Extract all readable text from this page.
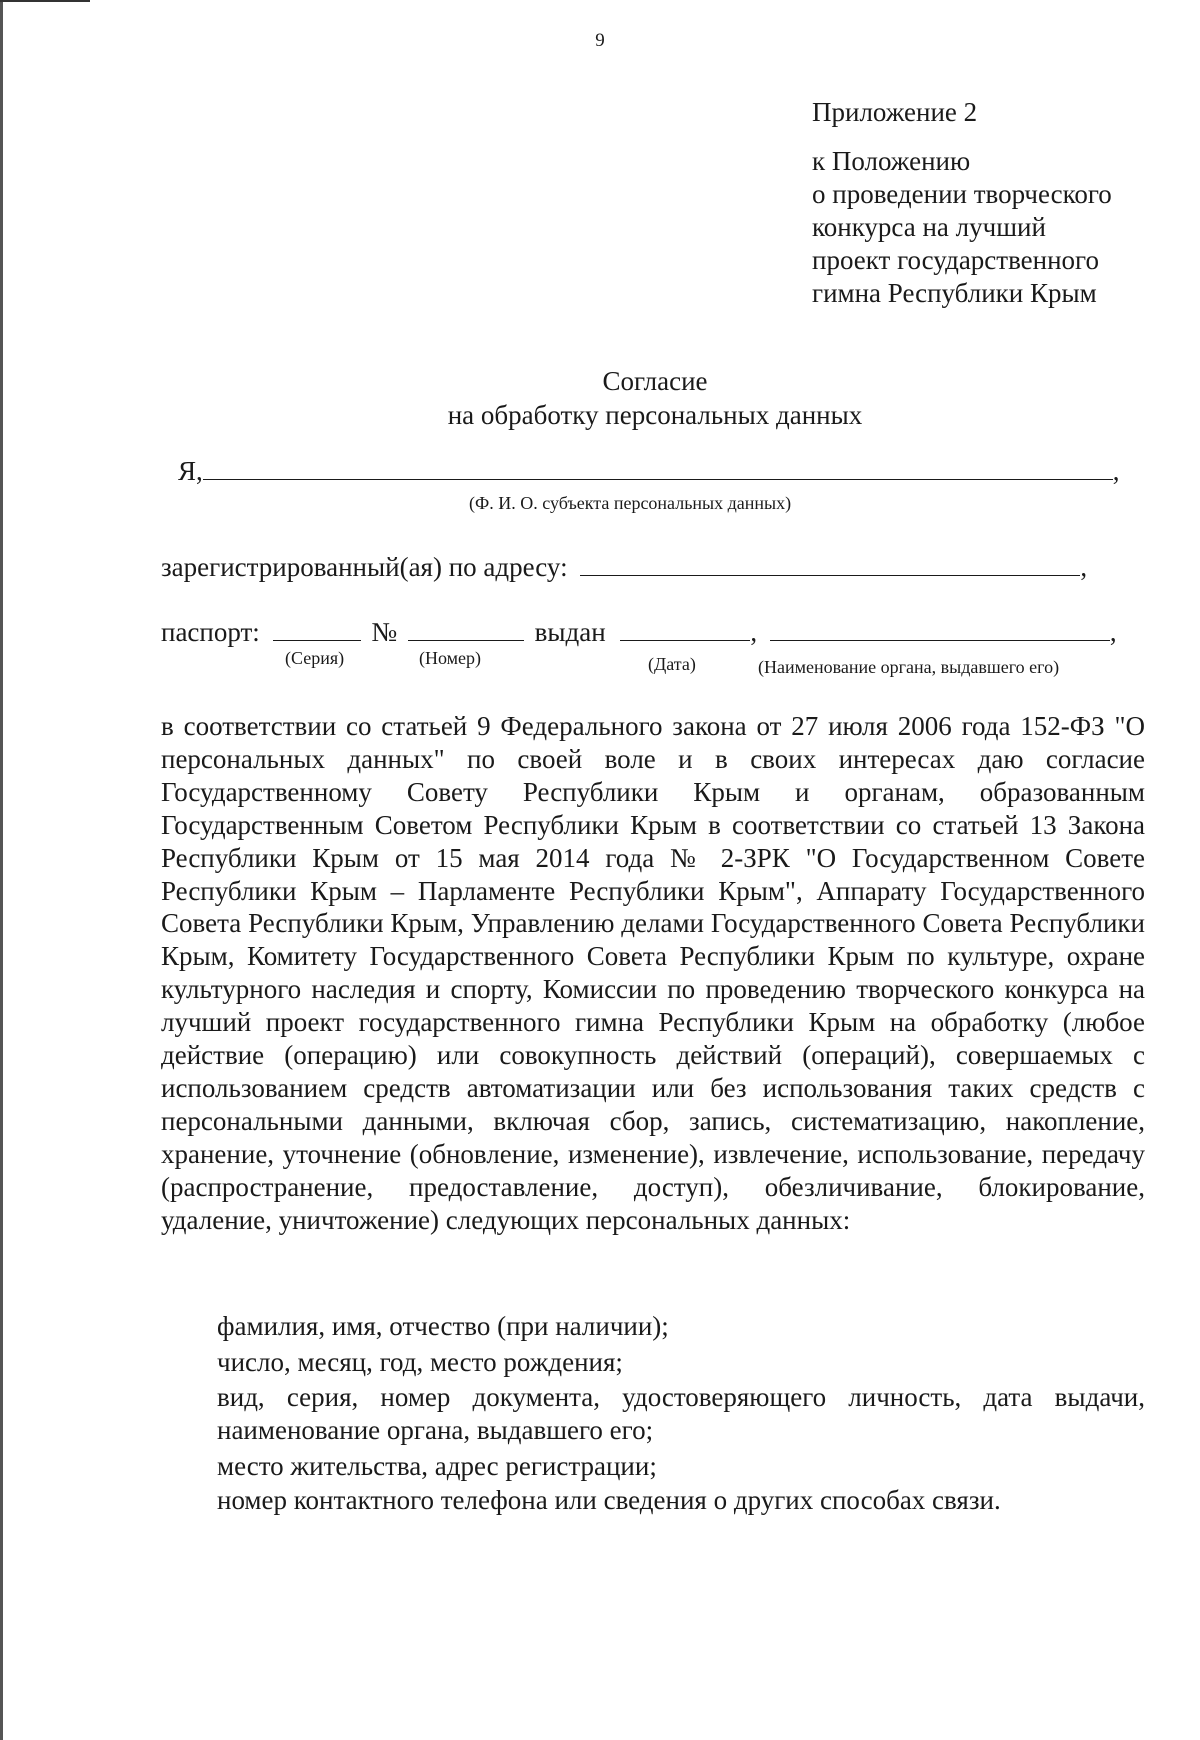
9
Приложение 2
к Положению
о проведении творческого
конкурса на лучший
проект государственного
гимна Республики Крым
Согласие
на обработку персональных данных
Я,	,
(Ф. И. О. субъекта персональных данных)
зарегистрированный(ая) по адресу:	,
паспорт:	№	выдан	,	,
(Серия)	(Номер)	(Дата)	(Наименование органа, выдавшего его)

в соответствии со статьей 9 Федерального закона от 27 июля 2006 года 152-ФЗ "О персональных данных" по своей воле и в своих интересах даю согласие Государственному Совету Республики Крым и органам, образованным Государственным Советом Республики Крым в соответствии со статьей 13 Закона Республики Крым от 15 мая 2014 года № 2-ЗРК "О Государственном Совете Республики Крым – Парламенте Республики Крым", Аппарату Государственного Совета Республики Крым, Управлению делами Государственного Совета Республики Крым, Комитету Государственного Совета Республики Крым по культуре, охране культурного наследия и спорту, Комиссии по проведению творческого конкурса на лучший проект государственного гимна Республики Крым на обработку (любое действие (операцию) или совокупность действий (операций), совершаемых с использованием средств автоматизации или без использования таких средств с персональными данными, включая сбор, запись, систематизацию, накопление, хранение, уточнение (обновление, изменение), извлечение, использование, передачу (распространение, предоставление, доступ), обезличивание, блокирование, удаление, уничтожение) следующих персональных данных:

фамилия, имя, отчество (при наличии);
число, месяц, год, место рождения;

вид, серия, номер документа, удостоверяющего личность, дата выдачи, наименование органа, выдавшего его;

место жительства, адрес регистрации;
номер контактного телефона или сведения о других способах связи.
